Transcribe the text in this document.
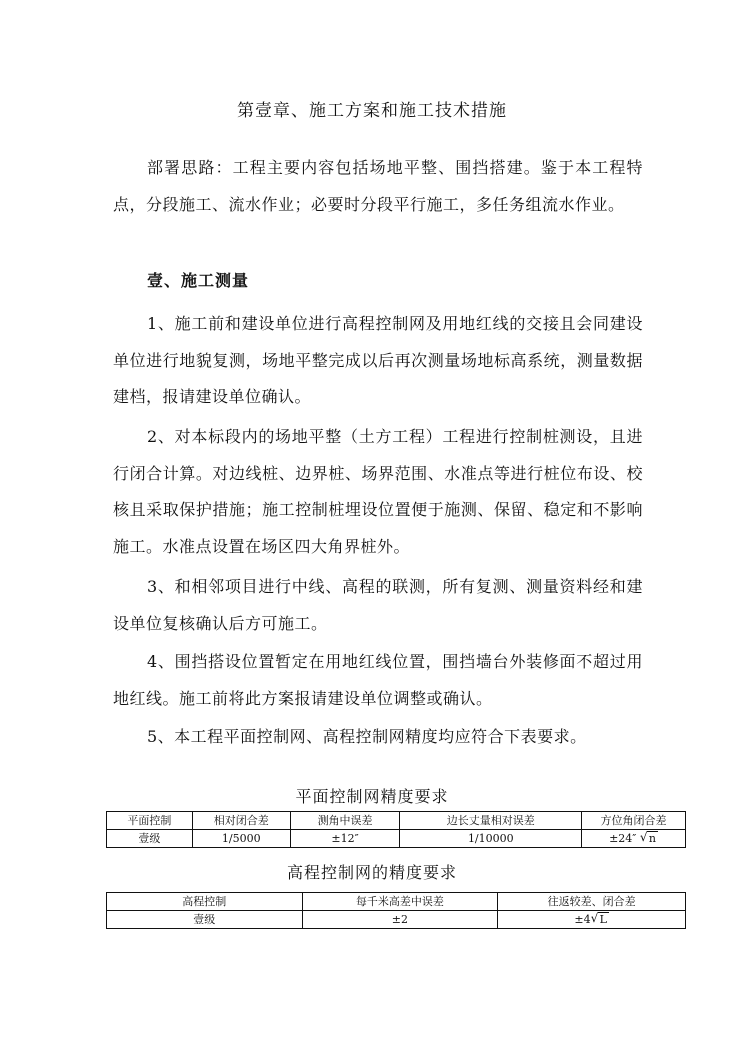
第壹章、施工方案和施工技术措施
部署思路：工程主要内容包括场地平整、围挡搭建。鉴于本工程特点，分段施工、流水作业；必要时分段平行施工，多任务组流水作业。
壹、施工测量
1、施工前和建设单位进行高程控制网及用地红线的交接且会同建设单位进行地貌复测，场地平整完成以后再次测量场地标高系统，测量数据建档，报请建设单位确认。
2、对本标段内的场地平整（土方工程）工程进行控制桩测设，且进行闭合计算。对边线桩、边界桩、场界范围、水准点等进行桩位布设、校核且采取保护措施；施工控制桩埋设位置便于施测、保留、稳定和不影响施工。水准点设置在场区四大角界桩外。
3、和相邻项目进行中线、高程的联测，所有复测、测量资料经和建设单位复核确认后方可施工。
4、围挡搭设位置暂定在用地红线位置，围挡墙台外装修面不超过用地红线。施工前将此方案报请建设单位调整或确认。
5、本工程平面控制网、高程控制网精度均应符合下表要求。
平面控制网精度要求
平面控制	相对闭合差	测角中误差	边长丈量相对误差	方位角闭合差
壹级	1/5000	±12″	1/10000	±24″ √ n
高程控制网的精度要求
高程控制	每千米高差中误差	往返较差、闭合差
壹级	±2	±4 √ L
